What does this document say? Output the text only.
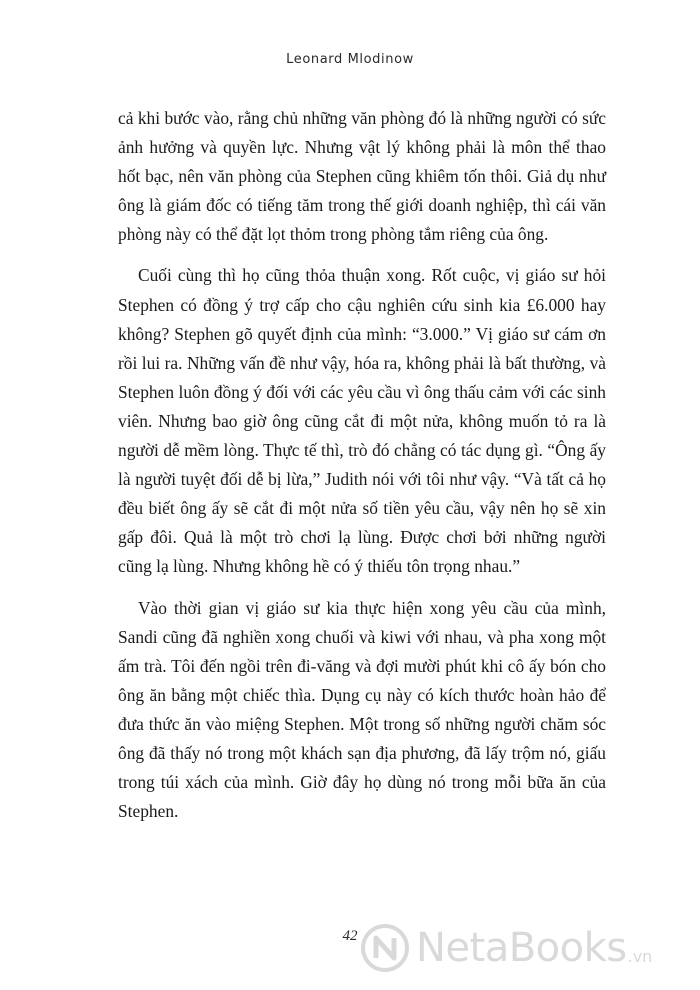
Leonard Mlodinow

cả khi bước vào, rằng chủ những văn phòng đó là những người có sức ảnh hưởng và quyền lực. Nhưng vật lý không phải là môn thể thao hốt bạc, nên văn phòng của Stephen cũng khiêm tốn thôi. Giả dụ như ông là giám đốc có tiếng tăm trong thế giới doanh nghiệp, thì cái văn phòng này có thể đặt lọt thỏm trong phòng tắm riêng của ông.

Cuối cùng thì họ cũng thỏa thuận xong. Rốt cuộc, vị giáo sư hỏi Stephen có đồng ý trợ cấp cho cậu nghiên cứu sinh kia £6.000 hay không? Stephen gõ quyết định của mình: “3.000.” Vị giáo sư cám ơn rồi lui ra. Những vấn đề như vậy, hóa ra, không phải là bất thường, và Stephen luôn đồng ý đối với các yêu cầu vì ông thấu cảm với các sinh viên. Nhưng bao giờ ông cũng cắt đi một nửa, không muốn tỏ ra là người dễ mềm lòng. Thực tế thì, trò đó chẳng có tác dụng gì. “Ông ấy là người tuyệt đối dễ bị lừa,” Judith nói với tôi như vậy. “Và tất cả họ đều biết ông ấy sẽ cắt đi một nửa số tiền yêu cầu, vậy nên họ sẽ xin gấp đôi. Quả là một trò chơi lạ lùng. Được chơi bởi những người cũng lạ lùng. Nhưng không hề có ý thiếu tôn trọng nhau.”

Vào thời gian vị giáo sư kia thực hiện xong yêu cầu của mình, Sandi cũng đã nghiền xong chuối và kiwi với nhau, và pha xong một ấm trà. Tôi đến ngồi trên đi-văng và đợi mười phút khi cô ấy bón cho ông ăn bằng một chiếc thìa. Dụng cụ này có kích thước hoàn hảo để đưa thức ăn vào miệng Stephen. Một trong số những người chăm sóc ông đã thấy nó trong một khách sạn địa phương, đã lấy trộm nó, giấu trong túi xách của mình. Giờ đây họ dùng nó trong mỗi bữa ăn của Stephen.

42	NetaBooks .vn
